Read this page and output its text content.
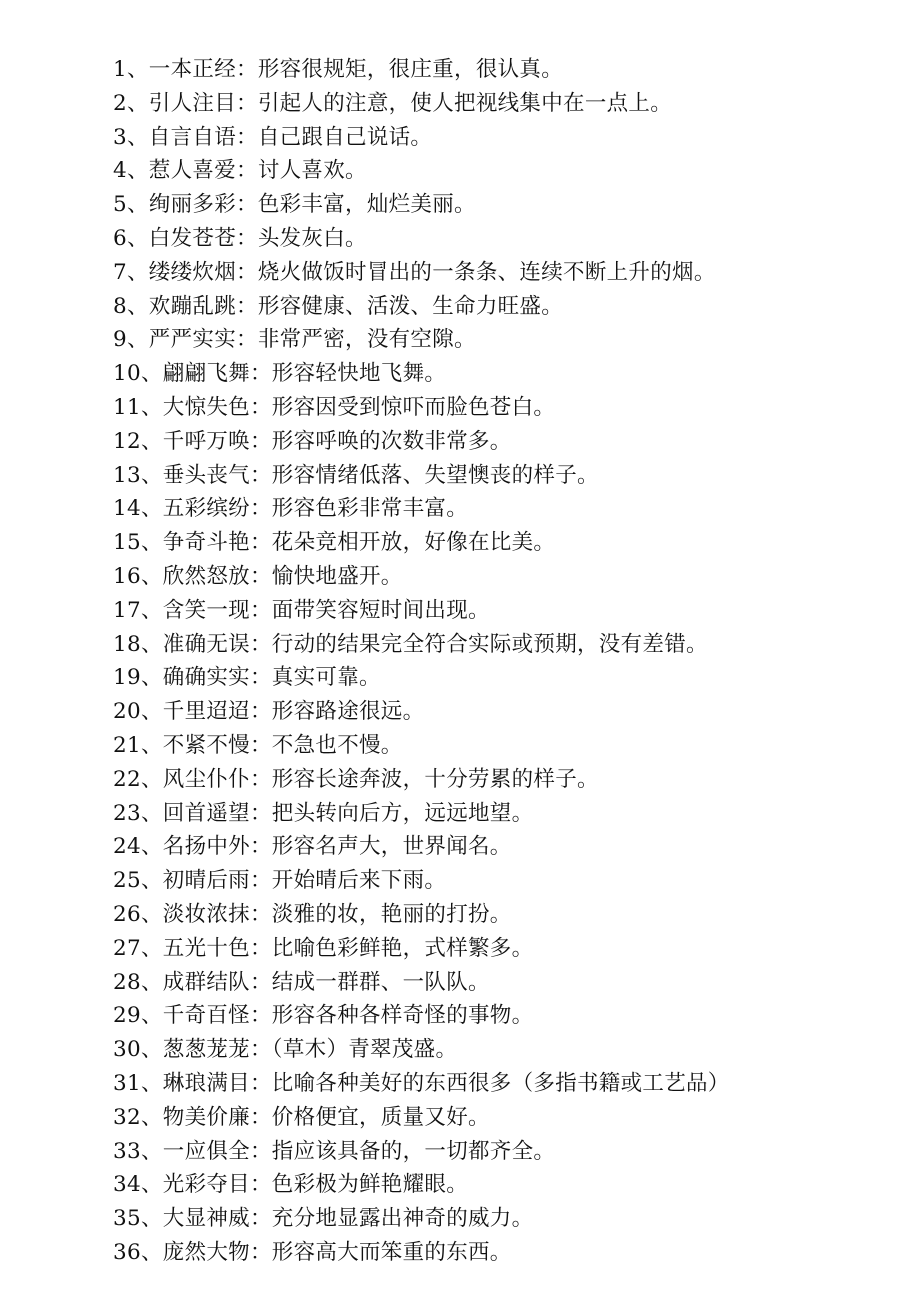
1、一本正经：形容很规矩，很庄重，很认真。
2、引人注目：引起人的注意，使人把视线集中在一点上。
3、自言自语：自己跟自己说话。
4、惹人喜爱：讨人喜欢。
5、绚丽多彩：色彩丰富，灿烂美丽。
6、白发苍苍：头发灰白。
7、缕缕炊烟：烧火做饭时冒出的一条条、连续不断上升的烟。
8、欢蹦乱跳：形容健康、活泼、生命力旺盛。
9、严严实实：非常严密，没有空隙。
10、翩翩飞舞：形容轻快地飞舞。
11、大惊失色：形容因受到惊吓而脸色苍白。
12、千呼万唤：形容呼唤的次数非常多。
13、垂头丧气：形容情绪低落、失望懊丧的样子。
14、五彩缤纷：形容色彩非常丰富。
15、争奇斗艳：花朵竞相开放，好像在比美。
16、欣然怒放：愉快地盛开。
17、含笑一现：面带笑容短时间出现。
18、准确无误：行动的结果完全符合实际或预期，没有差错。
19、确确实实：真实可靠。
20、千里迢迢：形容路途很远。
21、不紧不慢：不急也不慢。
22、风尘仆仆：形容长途奔波，十分劳累的样子。
23、回首遥望：把头转向后方，远远地望。
24、名扬中外：形容名声大，世界闻名。
25、初晴后雨：开始晴后来下雨。
26、淡妆浓抹：淡雅的妆，艳丽的打扮。
27、五光十色：比喻色彩鲜艳，式样繁多。
28、成群结队：结成一群群、一队队。
29、千奇百怪：形容各种各样奇怪的事物。
30、葱葱茏茏：（草木）青翠茂盛。
31、琳琅满目：比喻各种美好的东西很多（多指书籍或工艺品）
32、物美价廉：价格便宜，质量又好。
33、一应俱全：指应该具备的，一切都齐全。
34、光彩夺目：色彩极为鲜艳耀眼。
35、大显神威：充分地显露出神奇的威力。
36、庞然大物：形容高大而笨重的东西。
